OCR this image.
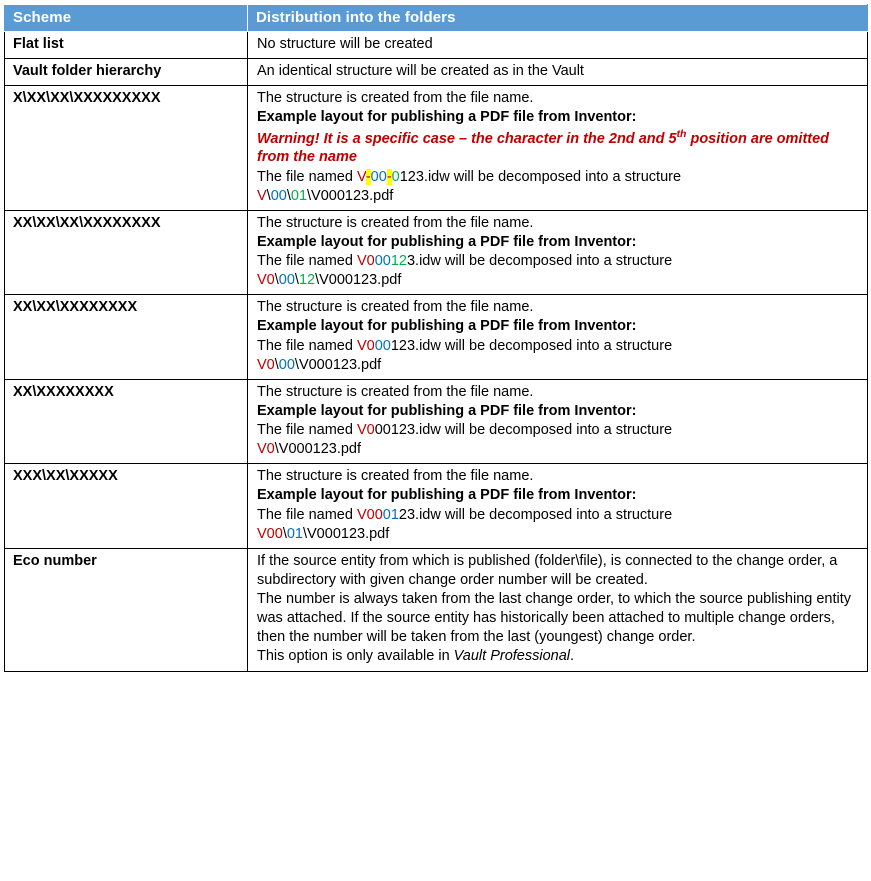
Scheme	Distribution into the folders
Flat list	No structure will be created

Vault folder hierarchy	An identical structure will be created as in the Vault

X\XX\XX\XXXXXXXXX	The structure is created from the file name.
Example layout for publishing a PDF file from Inventor:
Warning! It is a specific case – the character in the 2nd and 5th position are omitted from the name
The file named V-00-0123.idw will be decomposed into a structure
V\00\01\V000123.pdf

XX\XX\XX\XXXXXXXX	The structure is created from the file name.
Example layout for publishing a PDF file from Inventor:
The file named V000123.idw will be decomposed into a structure
V0\00\12\V000123.pdf

XX\XX\XXXXXXXX	The structure is created from the file name.
Example layout for publishing a PDF file from Inventor:
The file named V000123.idw will be decomposed into a structure
V0\00\V000123.pdf

XX\XXXXXXXX	The structure is created from the file name.
Example layout for publishing a PDF file from Inventor:
The file named V000123.idw will be decomposed into a structure
V0\V000123.pdf

XXX\XX\XXXXX	The structure is created from the file name.
Example layout for publishing a PDF file from Inventor:
The file named V000123.idw will be decomposed into a structure
V00\01\V000123.pdf

Eco number	If the source entity from which is published (folder\file), is connected to the change order, a subdirectory with given change order number will be created.
The number is always taken from the last change order, to which the source publishing entity was attached. If the source entity has historically been attached to multiple change orders, then the number will be taken from the last (youngest) change order.
This option is only available in Vault Professional.
